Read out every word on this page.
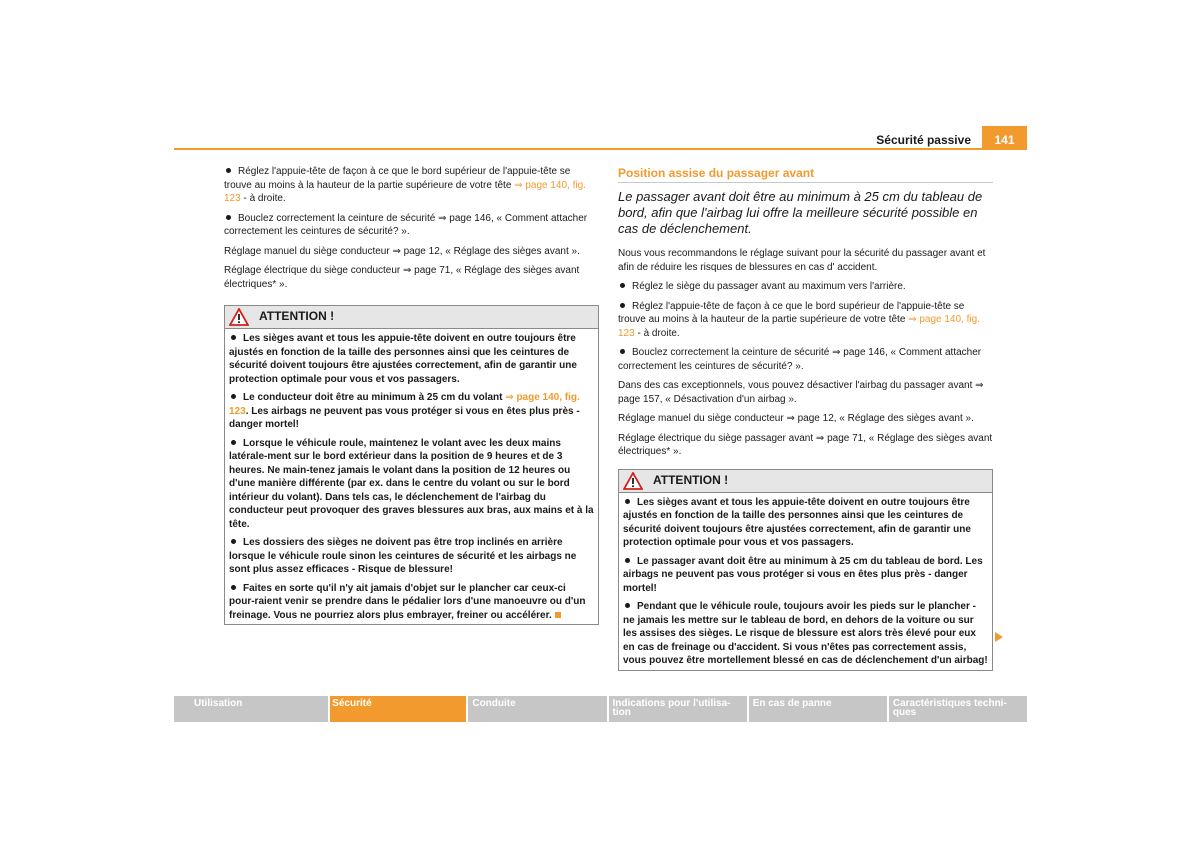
Sécurité passive	141
Réglez l'appuie-tête de façon à ce que le bord supérieur de l'appuie-tête se trouve au moins à la hauteur de la partie supérieure de votre tête ⇒ page 140, fig. 123 - à droite.
Bouclez correctement la ceinture de sécurité ⇒ page 146, « Comment attacher correctement les ceintures de sécurité? ».

Réglage manuel du siège conducteur ⇒ page 12, « Réglage des sièges avant ».

Réglage électrique du siège conducteur ⇒ page 71, « Réglage des sièges avant électriques* ».

ATTENTION !
Les sièges avant et tous les appuie-tête doivent en outre toujours être ajustés en fonction de la taille des personnes ainsi que les ceintures de sécurité doivent toujours être ajustées correctement, afin de garantir une protection optimale pour vous et vos passagers.
Le conducteur doit être au minimum à 25 cm du volant ⇒ page 140, fig. 123. Les airbags ne peuvent pas vous protéger si vous en êtes plus près - danger mortel!
Lorsque le véhicule roule, maintenez le volant avec les deux mains latérale-ment sur le bord extérieur dans la position de 9 heures et de 3 heures. Ne main-tenez jamais le volant dans la position de 12 heures ou d'une manière différente (par ex. dans le centre du volant ou sur le bord intérieur du volant). Dans tels cas, le déclenchement de l'airbag du conducteur peut provoquer des graves blessures aux bras, aux mains et à la tête.
Les dossiers des sièges ne doivent pas être trop inclinés en arrière lorsque le véhicule roule sinon les ceintures de sécurité et les airbags ne sont plus assez efficaces - Risque de blessure!
Faites en sorte qu'il n'y ait jamais d'objet sur le plancher car ceux-ci pour-raient venir se prendre dans le pédalier lors d'une manoeuvre ou d'un freinage. Vous ne pourriez alors plus embrayer, freiner ou accélérer.
Position assise du passager avant

Le passager avant doit être au minimum à 25 cm du tableau de bord, afin que l'airbag lui offre la meilleure sécurité possible en cas de déclenchement.

Nous vous recommandons le réglage suivant pour la sécurité du passager avant et afin de réduire les risques de blessures en cas d' accident.

Réglez le siège du passager avant au maximum vers l'arrière.
Réglez l'appuie-tête de façon à ce que le bord supérieur de l'appuie-tête se trouve au moins à la hauteur de la partie supérieure de votre tête ⇒ page 140, fig. 123 - à droite.
Bouclez correctement la ceinture de sécurité ⇒ page 146, « Comment attacher correctement les ceintures de sécurité? ».

Dans des cas exceptionnels, vous pouvez désactiver l'airbag du passager avant ⇒ page 157, « Désactivation d'un airbag ».

Réglage manuel du siège conducteur ⇒ page 12, « Réglage des sièges avant ».

Réglage électrique du siège passager avant ⇒ page 71, « Réglage des sièges avant électriques* ».

ATTENTION !
Les sièges avant et tous les appuie-tête doivent en outre toujours être ajustés en fonction de la taille des personnes ainsi que les ceintures de sécurité doivent toujours être ajustées correctement, afin de garantir une protection optimale pour vous et vos passagers.
Le passager avant doit être au minimum à 25 cm du tableau de bord. Les airbags ne peuvent pas vous protéger si vous en êtes plus près - danger mortel!
Pendant que le véhicule roule, toujours avoir les pieds sur le plancher - ne jamais les mettre sur le tableau de bord, en dehors de la voiture ou sur les assises des sièges. Le risque de blessure est alors très élevé pour eux en cas de freinage ou d'accident. Si vous n'êtes pas correctement assis, vous pouvez être mortellement blessé en cas de déclenchement d'un airbag!
Utilisation	Sécurité	Conduite	Indications pour l'utilisa-
tion
En cas de panne	Caractéristiques techni-
ques
